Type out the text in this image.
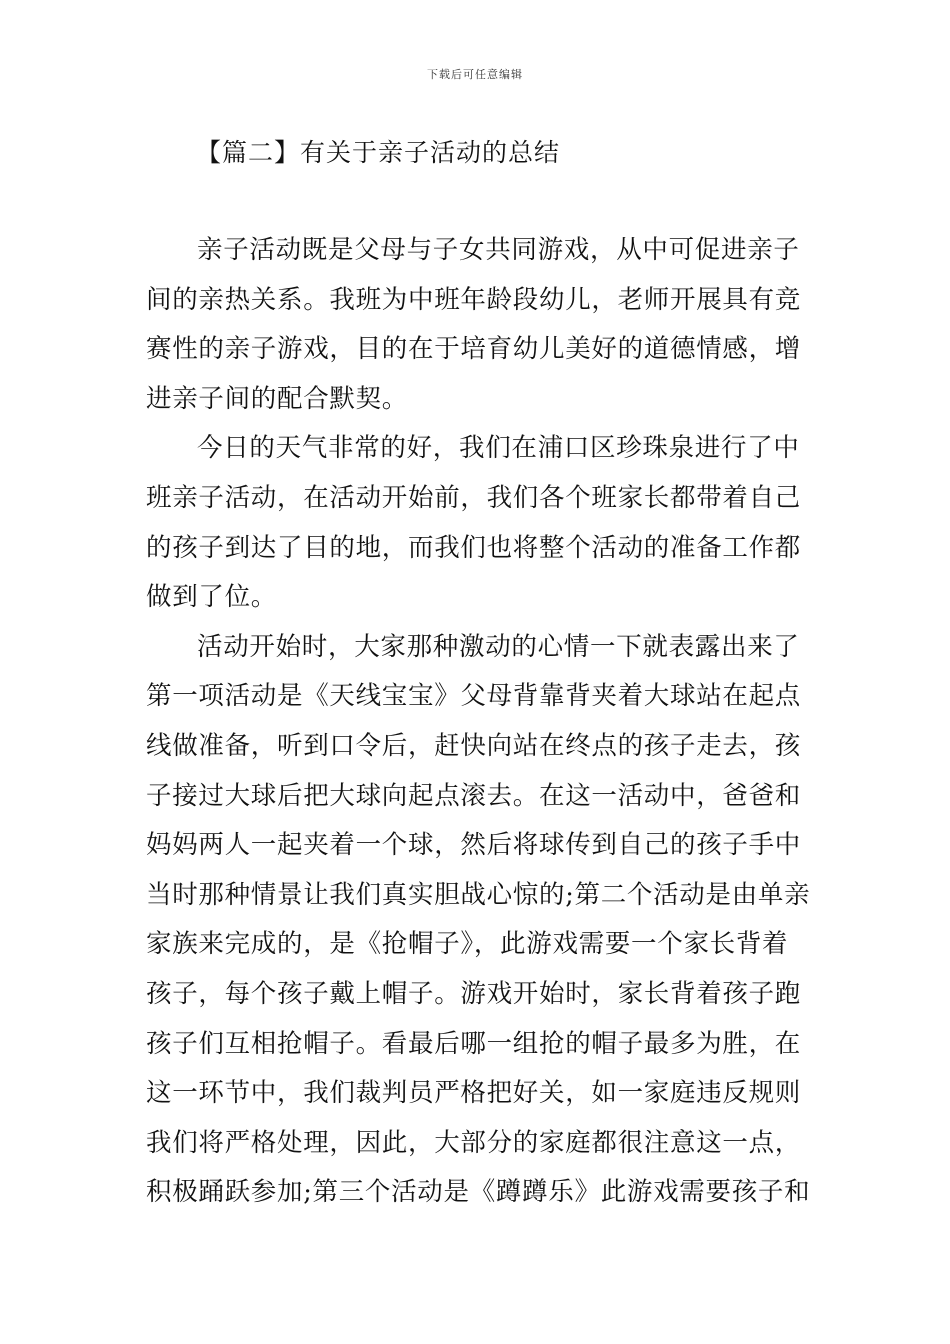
下载后可任意编辑
【篇二】有关于亲子活动的总结
亲子活动既是父母与子女共同游戏，从中可促进亲子
间的亲热关系。我班为中班年龄段幼儿，老师开展具有竞
赛性的亲子游戏，目的在于培育幼儿美好的道德情感，增
进亲子间的配合默契。
今日的天气非常的好，我们在浦口区珍珠泉进行了中
班亲子活动，在活动开始前，我们各个班家长都带着自己
的孩子到达了目的地，而我们也将整个活动的准备工作都
做到了位。
活动开始时，大家那种激动的心情一下就表露出来了
第一项活动是《天线宝宝》父母背靠背夹着大球站在起点
线做准备，听到口令后，赶快向站在终点的孩子走去，孩
子接过大球后把大球向起点滚去。在这一活动中，爸爸和
妈妈两人一起夹着一个球，然后将球传到自己的孩子手中
当时那种情景让我们真实胆战心惊的;第二个活动是由单亲
家族来完成的，是《抢帽子》，此游戏需要一个家长背着
孩子，每个孩子戴上帽子。游戏开始时，家长背着孩子跑
孩子们互相抢帽子。看最后哪一组抢的帽子最多为胜，在
这一环节中，我们裁判员严格把好关，如一家庭违反规则
我们将严格处理，因此，大部分的家庭都很注意这一点，
积极踊跃参加;第三个活动是《蹲蹲乐》此游戏需要孩子和
